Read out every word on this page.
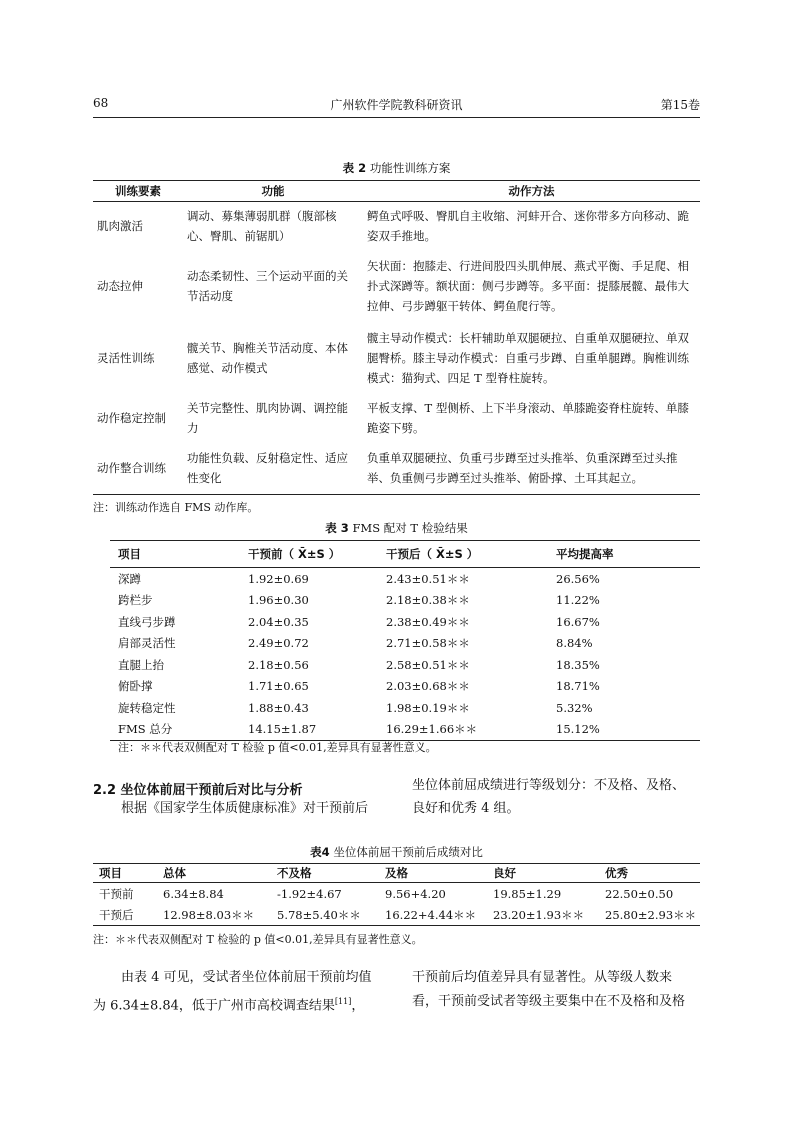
68	广州软件学院教科研资讯	第15卷
表 2 功能性训练方案
训练要素	功能	动作方法
肌肉激活	调动、募集薄弱肌群（腹部核心、臀肌、前锯肌）	鳄鱼式呼吸、臀肌自主收缩、河蚌开合、迷你带多方向移动、跪姿双手推地。
动态拉伸	动态柔韧性、三个运动平面的关节活动度	矢状面：抱膝走、行进间股四头肌伸展、燕式平衡、手足爬、相扑式深蹲等。额状面：侧弓步蹲等。多平面：提膝展髋、最伟大拉伸、弓步蹲躯干转体、鳄鱼爬行等。
灵活性训练	髋关节、胸椎关节活动度、本体感觉、动作模式	髋主导动作模式：长杆辅助单双腿硬拉、自重单双腿硬拉、单双腿臀桥。膝主导动作模式：自重弓步蹲、自重单腿蹲。胸椎训练模式：猫狗式、四足 T 型脊柱旋转。
动作稳定控制	关节完整性、肌肉协调、调控能力	平板支撑、T 型侧桥、上下半身滚动、单膝跪姿脊柱旋转、单膝跪姿下劈。
动作整合训练	功能性负载、反射稳定性、适应性变化	负重单双腿硬拉、负重弓步蹲至过头推举、负重深蹲至过头推举、负重侧弓步蹲至过头推举、俯卧撑、土耳其起立。
注：训练动作选自 FMS 动作库。
表 3 FMS 配对 T 检验结果
项目	干预前（ X̄±S ）	干预后（ X̄±S ）	平均提高率
深蹲	1.92±0.69	2.43±0.51＊＊	26.56%
跨栏步	1.96±0.30	2.18±0.38＊＊	11.22%
直线弓步蹲	2.04±0.35	2.38±0.49＊＊	16.67%
肩部灵活性	2.49±0.72	2.71±0.58＊＊	8.84%
直腿上抬	2.18±0.56	2.58±0.51＊＊	18.35%
俯卧撑	1.71±0.65	2.03±0.68＊＊	18.71%
旋转稳定性	1.88±0.43	1.98±0.19＊＊	5.32%
FMS 总分	14.15±1.87	16.29±1.66＊＊	15.12%
注：＊＊代表双侧配对 T 检验 p 值<0.01,差异具有显著性意义。
2.2 坐位体前屈干预前后对比与分析
根据《国家学生体质健康标准》对干预前后
坐位体前屈成绩进行等级划分：不及格、及格、
良好和优秀 4 组。
表4 坐位体前屈干预前后成绩对比
项目	总体	不及格	及格	良好	优秀
干预前	6.34±8.84	-1.92±4.67	9.56+4.20	19.85±1.29	22.50±0.50
干预后	12.98±8.03＊＊	5.78±5.40＊＊	16.22+4.44＊＊	23.20±1.93＊＊	25.80±2.93＊＊
注：＊＊代表双侧配对 T 检验的 p 值<0.01,差异具有显著性意义。
由表 4 可见，受试者坐位体前屈干预前均值
为 6.34±8.84，低于广州市高校调查结果[11]，
干预前后均值差异具有显著性。从等级人数来
看，干预前受试者等级主要集中在不及格和及格
